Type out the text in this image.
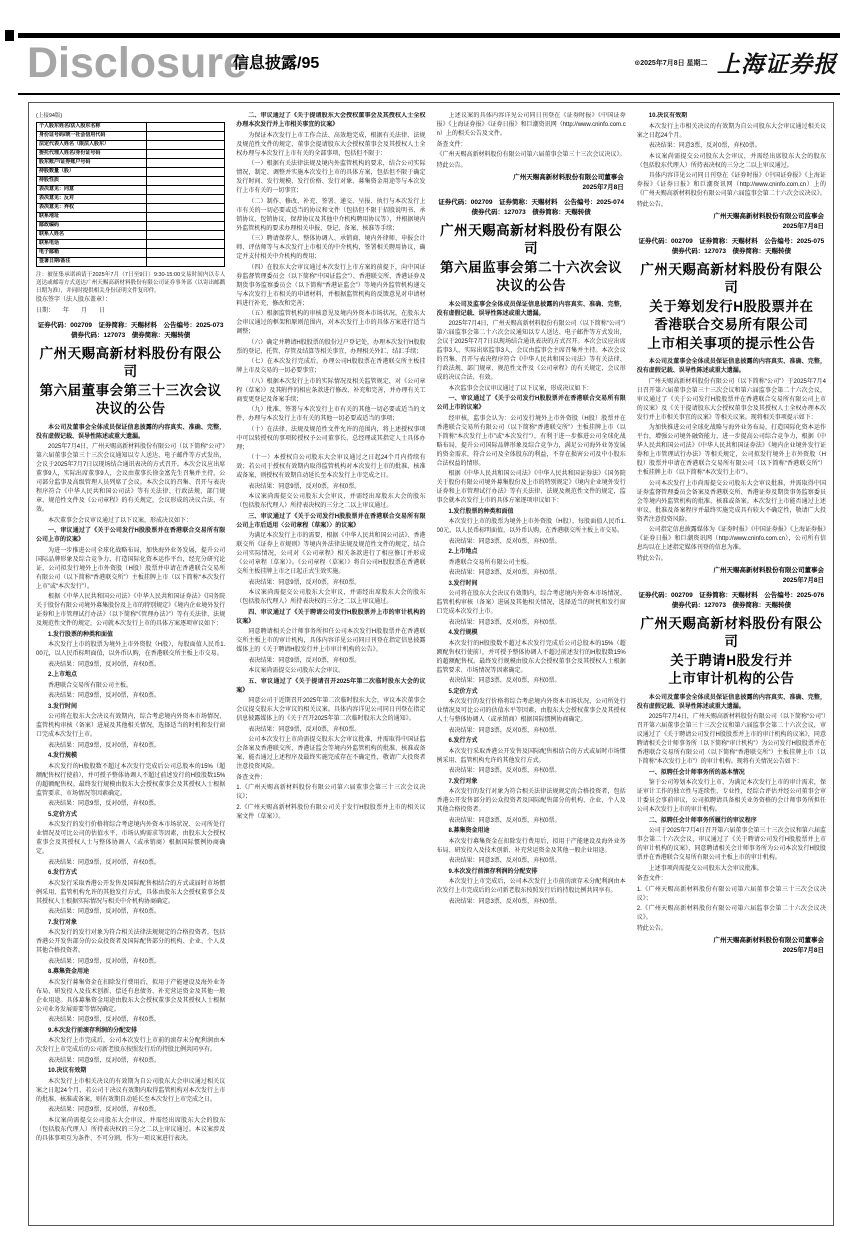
Disclosure
信息披露/95	⊙2025年7月8日 星期二 上海证券报

(上接94版)

个人股东姓名/法人股东名称	
身份证号码/统一社会信用代码	
法定代表人姓名（限法人股东）	
委托代理人姓名/身份证号码	
股东账户/证券账户号码	
持股数量（股）	
持股性质	
表决意见：同意	
表决意见：反对	
表决意见：弃权	
联系地址	
邮政编码	
联系人姓名	
联系电话	
电子邮箱	
签署日期/备注	

注：被征集承诺函请于2025年7月（7日至9日）9:30-15:00交易时间内以专人送达或邮寄方式送达广州天赐高新材料股份有限公司证券事务部（以寄出邮戳日期为准），并同时提供相关身份证明文件复印件。

股东签字（法人股东盖章）：

日期：　　年　　月　　日

证券代码：002709　证券简称：天赐材料　公告编号：2025-073
债券代码：127073　债券简称：天赐转债
广州天赐高新材料股份有限公司
第六届董事会第三十三次会议决议的公告

本公司及董事会全体成员保证信息披露的内容真实、准确、完整，没有虚假记载、误导性陈述或重大遗漏。

2025年7月4日，广州天赐高新材料股份有限公司（以下简称“公司”）第六届董事会第三十三次会议通知以专人送达、电子邮件等方式发出，会议于2025年7月7日以现场结合通讯表决的方式召开。本次会议应出席董事9人，实际出席董事9人，会议由董事长徐金富先生召集并主持，公司部分监事及高级管理人员列席了会议。本次会议的召集、召开与表决程序符合《中华人民共和国公司法》等有关法律、行政法规、部门规章、规范性文件及《公司章程》的有关规定，会议形成的决议合法、有效。

本次董事会会议审议通过了以下议案，形成决议如下：

一、审议通过了《关于公司发行H股股票并在香港联合交易所有限公司上市的议案》

为进一步推进公司全球化战略布局，加快海外业务发展，提升公司国际品牌形象及综合竞争力，打造国际化资本运作平台，经充分研究论证，公司拟发行境外上市外资股（H股）股票并申请在香港联合交易所有限公司（以下简称“香港联交所”）主板挂牌上市（以下简称“本次发行上市”或“本次发行”）。

根据《中华人民共和国公司法》《中华人民共和国证券法》《国务院关于股份有限公司境外募集股份及上市的特别规定》《境内企业境外发行证券和上市管理试行办法》（以下简称“《管理办法》”）等有关法律、法规及规范性文件的规定，公司就本次发行上市的具体方案逐项审议如下：

1.发行股票的种类和面值

本次发行上市的股票为境外上市外资股（H股），每股面值人民币1.00元，以人民币标明面值，以外币认购，在香港联交所主板上市交易。

表决结果：同意9票，反对0票，弃权0票。

2.上市地点

香港联合交易所有限公司主板。

表决结果：同意9票，反对0票，弃权0票。

3.发行时间

公司将在股东大会决议有效期内，综合考虑境内外资本市场情况、监管机构审核（备案）进展及其他相关情况，选择适当的时机和发行窗口完成本次发行上市。

表决结果：同意9票，反对0票，弃权0票。

4.发行规模

本次发行的H股股数不超过本次发行完成后公司总股本的15%（超额配售权行使前），并可授予整体协调人不超过前述发行的H股股数15%的超额配售权。最终发行规模由股东大会授权董事会及其授权人士根据监管要求、市场情况等因素确定。

表决结果：同意9票，反对0票，弃权0票。

5.定价方式

本次发行的发行价格将综合考虑境内外资本市场状况、公司所处行业情况及可比公司的估值水平、市场认购需求等因素，由股东大会授权董事会及其授权人士与整体协调人（或承销商）根据国际惯例协商确定。

表决结果：同意9票，反对0票，弃权0票。

6.发行方式

本次发行采取香港公开发售及国际配售相结合的方式或届时市场惯例采用、监管机构允许的其他发行方式，具体由股东大会授权董事会及其授权人士根据实际情况与相关中介机构协商确定。

表决结果：同意9票，反对0票，弃权0票。

7.发行对象

本次发行的发行对象为符合相关法律法规规定的合格投资者，包括香港公开发售部分的公众投资者及国际配售部分的机构、企业、个人及其他合格投资者。

表决结果：同意9票，反对0票，弃权0票。

8.募集资金用途

本次发行募集资金在扣除发行费用后，拟用于产能建设及海外业务布局、研发投入及技术创新、偿还有息债务、补充营运资金及其他一般企业用途。具体募集资金用途由股东大会授权董事会及其授权人士根据公司业务发展需要等情况确定。

表决结果：同意9票，反对0票，弃权0票。

9.本次发行前滚存利润的分配安排

本次发行上市完成后，公司本次发行上市前的滚存未分配利润由本次发行上市完成后的公司新老股东按照发行后的持股比例共同享有。

表决结果：同意9票，反对0票，弃权0票。

10.决议有效期

本次发行上市相关决议的有效期为自公司股东大会审议通过相关议案之日起24个月，若公司于决议有效期内取得监管机构对本次发行上市的批准、核准或备案，则有效期自动延长至本次发行上市完成之日。

表决结果：同意9票，反对0票，弃权0票。

本议案尚需提交公司股东大会审议，并需经出席股东大会的股东（包括股东代理人）所持表决权的三分之二以上审议通过。本议案涉及的具体事项互为条件、不可分割，作为一项议案进行表决。

二、审议通过了《关于提请股东大会授权董事会及其授权人士全权办理本次发行并上市相关事宜的议案》

为保证本次发行上市工作合法、高效地完成，根据有关法律、法规及规范性文件的规定，董事会提请股东大会授权董事会及其授权人士全权办理与本次发行上市有关的全部事项，包括但不限于：

（一）根据有关法律法规及境内外监管机构的要求，结合公司实际情况，制定、调整并实施本次发行上市的具体方案，包括但不限于确定发行时间、发行规模、发行价格、发行对象、募集资金用途等与本次发行上市有关的一切事宜；

（二）制作、修改、补充、签署、递交、呈报、执行与本次发行上市有关的一切必要或适当的协议和文件（包括但不限于招股说明书、承销协议、包销协议、保荐协议及其他中介机构聘用协议等），并根据境内外监管机构的要求办理相关申报、登记、备案、核准等手续；

（三）聘请保荐人、整体协调人、承销商、境内外律师、申报会计师、评估师等与本次发行上市相关的中介机构，签署相关聘用协议，确定并支付相关中介机构的费用；

（四）在股东大会审议通过本次发行上市方案的前提下，向中国证券监督管理委员会（以下简称“中国证监会”）、香港联交所、香港证券及期货事务监察委员会（以下简称“香港证监会”）等境内外监管机构递交与本次发行上市相关的申请材料，并根据监管机构的反馈意见对申请材料进行补充、修改和完善；

（五）根据监管机构的审核意见及境内外资本市场状况，在股东大会审议通过的框架和原则范围内，对本次发行上市的具体方案进行适当调整；

（六）确定并聘请H股股票的股份过户登记处，办理本次发行H股股票的登记、托管、存管及结算等相关事宜，办理相关外汇、结汇手续；

（七）在本次发行完成后，办理公司H股股票在香港联交所主板挂牌上市及交易的一切必要事宜；

（八）根据本次发行上市的实际情况及相关监管规定，对《公司章程（草案）》及其附件的相应条款进行修改、补充和完善，并办理有关工商变更登记及备案手续；

（九）批准、签署与本次发行上市有关的其他一切必要或适当的文件，办理与本次发行上市有关的其他一切必要或适当的事项；

（十）在法律、法规及规范性文件允许的范围内，将上述授权事项中可以转授权的事项转授权予公司董事长、总经理或其指定人士具体办理；

（十一）本授权自公司股东大会审议通过之日起24个月内持续有效；若公司于授权有效期内取得监管机构对本次发行上市的批准、核准或备案，则授权有效期自动延长至本次发行上市完成之日。

表决结果：同意9票，反对0票，弃权0票。

本议案尚需提交公司股东大会审议，并需经出席股东大会的股东（包括股东代理人）所持表决权的三分之二以上审议通过。

三、审议通过了《关于公司发行H股股票并在香港联合交易所有限公司上市后适用〈公司章程（草案）〉的议案》

为满足本次发行上市的需要，根据《中华人民共和国公司法》、香港联交所《证券上市规则》等境内外法律法规及规范性文件的规定，结合公司实际情况，公司对《公司章程》相关条款进行了相应修订并形成《公司章程（草案）》。《公司章程（草案）》将自公司H股股票在香港联交所主板挂牌上市之日起正式生效实施。

表决结果：同意9票，反对0票，弃权0票。

本议案尚需提交公司股东大会审议，并需经出席股东大会的股东（包括股东代理人）所持表决权的三分之二以上审议通过。

四、审议通过了《关于聘请公司发行H股股票并上市的审计机构的议案》

同意聘请相关会计师事务所担任公司本次发行H股股票并在香港联交所主板上市的审计机构，具体内容详见公司同日刊登在指定信息披露媒体上的《关于聘请H股发行并上市审计机构的公告》。

表决结果：同意9票，反对0票，弃权0票。

本议案尚需提交公司股东大会审议。

五、审议通过了《关于提请召开2025年第二次临时股东大会的议案》

同意公司于近期召开2025年第二次临时股东大会，审议本次董事会会议提交股东大会审议的相关议案。具体内容详见公司同日刊登在指定信息披露媒体上的《关于召开2025年第二次临时股东大会的通知》。

表决结果：同意9票，反对0票，弃权0票。

公司本次发行上市尚需提交股东大会审议批准，并需取得中国证监会备案及香港联交所、香港证监会等境内外监管机构的批准、核准或备案，能否通过上述程序及最终实施完成存在不确定性，敬请广大投资者注意投资风险。

备查文件：

1.《广州天赐高新材料股份有限公司第六届董事会第三十三次会议决议》；

2.《广州天赐高新材料股份有限公司关于发行H股股票并上市的相关议案文件（草案）》。

上述议案的具体内容详见公司同日刊登在《证券时报》《中国证券报》《上海证券报》《证券日报》和巨潮资讯网（http://www.cninfo.com.cn）上的相关公告及文件。

备查文件：

《广州天赐高新材料股份有限公司第六届董事会第三十三次会议决议》。

特此公告。

广州天赐高新材料股份有限公司董事会
2025年7月8日
证券代码：002709　证券简称：天赐材料　公告编号：2025-074
债券代码：127073　债券简称：天赐转债
广州天赐高新材料股份有限公司
第六届监事会第二十六次会议决议的公告

本公司及监事会全体成员保证信息披露的内容真实、准确、完整，没有虚假记载、误导性陈述或重大遗漏。

2025年7月4日，广州天赐高新材料股份有限公司（以下简称“公司”）第六届监事会第二十六次会议通知以专人送达、电子邮件等方式发出，会议于2025年7月7日以现场结合通讯表决的方式召开。本次会议应出席监事3人，实际出席监事3人，会议由监事会主席召集并主持。本次会议的召集、召开与表决程序符合《中华人民共和国公司法》等有关法律、行政法规、部门规章、规范性文件及《公司章程》的有关规定，会议形成的决议合法、有效。

本次监事会会议审议通过了以下议案，形成决议如下：

一、审议通过了《关于公司发行H股股票并在香港联合交易所有限公司上市的议案》

经审核，监事会认为：公司发行境外上市外资股（H股）股票并在香港联合交易所有限公司（以下简称“香港联交所”）主板挂牌上市（以下简称“本次发行上市”或“本次发行”），有利于进一步推进公司全球化战略布局，提升公司国际品牌形象及综合竞争力，满足公司海外业务发展的资金需求，符合公司及全体股东的利益，不存在损害公司及中小股东合法权益的情形。

根据《中华人民共和国公司法》《中华人民共和国证券法》《国务院关于股份有限公司境外募集股份及上市的特别规定》《境内企业境外发行证券和上市管理试行办法》等有关法律、法规及规范性文件的规定，监事会就本次发行上市的具体方案逐项审议如下：

1.发行股票的种类和面值

本次发行上市的股票为境外上市外资股（H股），每股面值人民币1.00元，以人民币标明面值，以外币认购，在香港联交所主板上市交易。

表决结果：同意3票，反对0票，弃权0票。

2.上市地点

香港联合交易所有限公司主板。

表决结果：同意3票，反对0票，弃权0票。

3.发行时间

公司将在股东大会决议有效期内，综合考虑境内外资本市场情况、监管机构审核（备案）进展及其他相关情况，选择适当的时机和发行窗口完成本次发行上市。

表决结果：同意3票，反对0票，弃权0票。

4.发行规模

本次发行的H股股数不超过本次发行完成后公司总股本的15%（超额配售权行使前），并可授予整体协调人不超过前述发行的H股股数15%的超额配售权。最终发行规模由股东大会授权董事会及其授权人士根据监管要求、市场情况等因素确定。

表决结果：同意3票，反对0票，弃权0票。

5.定价方式

本次发行的发行价格将综合考虑境内外资本市场状况、公司所处行业情况及可比公司的估值水平等因素，由股东大会授权董事会及其授权人士与整体协调人（或承销商）根据国际惯例协商确定。

表决结果：同意3票，反对0票，弃权0票。

6.发行方式

本次发行采取香港公开发售及国际配售相结合的方式或届时市场惯例采用、监管机构允许的其他发行方式。

表决结果：同意3票，反对0票，弃权0票。

7.发行对象

本次发行的发行对象为符合相关法律法规规定的合格投资者，包括香港公开发售部分的公众投资者及国际配售部分的机构、企业、个人及其他合格投资者。

表决结果：同意3票，反对0票，弃权0票。

8.募集资金用途

本次发行募集资金在扣除发行费用后，拟用于产能建设及海外业务布局、研发投入及技术创新、补充营运资金及其他一般企业用途。

表决结果：同意3票，反对0票，弃权0票。

9.本次发行前滚存利润的分配安排

本次发行上市完成后，公司本次发行上市前的滚存未分配利润由本次发行上市完成后的公司新老股东按照发行后的持股比例共同享有。

表决结果：同意3票，反对0票，弃权0票。

10.决议有效期

本次发行上市相关决议的有效期为自公司股东大会审议通过相关议案之日起24个月。

表决结果：同意3票，反对0票，弃权0票。

本议案尚需提交公司股东大会审议，并需经出席股东大会的股东（包括股东代理人）所持表决权的三分之二以上审议通过。

具体内容详见公司同日刊登在《证券时报》《中国证券报》《上海证券报》《证券日报》和巨潮资讯网（http://www.cninfo.com.cn）上的《广州天赐高新材料股份有限公司第六届监事会第二十六次会议决议》。

特此公告。

广州天赐高新材料股份有限公司监事会
2025年7月8日
证券代码：002709　证券简称：天赐材料　公告编号：2025-075
债券代码：127073　债券简称：天赐转债
广州天赐高新材料股份有限公司
关于筹划发行H股股票并在
香港联合交易所有限公司
上市相关事项的提示性公告

本公司及董事会全体成员保证信息披露的内容真实、准确、完整，没有虚假记载、误导性陈述或重大遗漏。

广州天赐高新材料股份有限公司（以下简称“公司”）于2025年7月4日召开第六届董事会第三十三次会议和第六届监事会第二十六次会议，审议通过了《关于公司发行H股股票并在香港联合交易所有限公司上市的议案》及《关于提请股东大会授权董事会及其授权人士全权办理本次发行并上市相关事宜的议案》等相关议案。现将相关事项提示如下：

为加快推进公司全球化战略与海外业务布局，打造国际化资本运作平台，增强公司境外融资能力，进一步提高公司综合竞争力，根据《中华人民共和国公司法》《中华人民共和国证券法》《境内企业境外发行证券和上市管理试行办法》等相关规定，公司拟发行境外上市外资股（H股）股票并申请在香港联合交易所有限公司（以下简称“香港联交所”）主板挂牌上市（以下简称“本次发行上市”）。

公司本次发行上市尚需提交公司股东大会审议批准，并需取得中国证券监督管理委员会备案及香港联交所、香港证券及期货事务监察委员会等境内外监管机构的批准、核准或备案。本次发行上市能否通过上述审议、批准及备案程序并最终实施完成具有较大不确定性，敬请广大投资者注意投资风险。

公司指定信息披露媒体为《证券时报》《中国证券报》《上海证券报》《证券日报》和巨潮资讯网（http://www.cninfo.com.cn），公司所有信息均以在上述指定媒体刊登的信息为准。

特此公告。

广州天赐高新材料股份有限公司董事会
2025年7月8日
证券代码：002709　证券简称：天赐材料　公告编号：2025-076
债券代码：127073　债券简称：天赐转债
广州天赐高新材料股份有限公司
关于聘请H股发行并
上市审计机构的公告

本公司及董事会全体成员保证信息披露的内容真实、准确、完整，没有虚假记载、误导性陈述或重大遗漏。

2025年7月4日，广州天赐高新材料股份有限公司（以下简称“公司”）召开第六届董事会第三十三次会议和第六届监事会第二十六次会议，审议通过了《关于聘请公司发行H股股票并上市的审计机构的议案》，同意聘请相关会计师事务所（以下简称“审计机构”）为公司发行H股股票并在香港联合交易所有限公司（以下简称“香港联交所”）主板挂牌上市（以下简称“本次发行上市”）的审计机构。现将有关情况公告如下：

一、拟聘任会计师事务所的基本情况

鉴于公司筹划本次发行上市，为满足本次发行上市的审计需求，保证审计工作的独立性与连续性、专业性，经综合评估并经公司董事会审计委员会事前审议，公司拟聘请具备相关业务资格的会计师事务所担任公司本次发行上市的审计机构。

二、拟聘任会计师事务所履行的审议程序

公司于2025年7月4日召开第六届董事会第三十三次会议和第六届监事会第二十六次会议，审议通过了《关于聘请公司发行H股股票并上市的审计机构的议案》，同意聘请相关会计师事务所为公司本次发行H股股票并在香港联合交易所有限公司主板上市的审计机构。

上述事项尚需提交公司股东大会审议批准。

备查文件：

1.《广州天赐高新材料股份有限公司第六届董事会第三十三次会议决议》；

2.《广州天赐高新材料股份有限公司第六届监事会第二十六次会议决议》。

特此公告。

广州天赐高新材料股份有限公司董事会
2025年7月8日
